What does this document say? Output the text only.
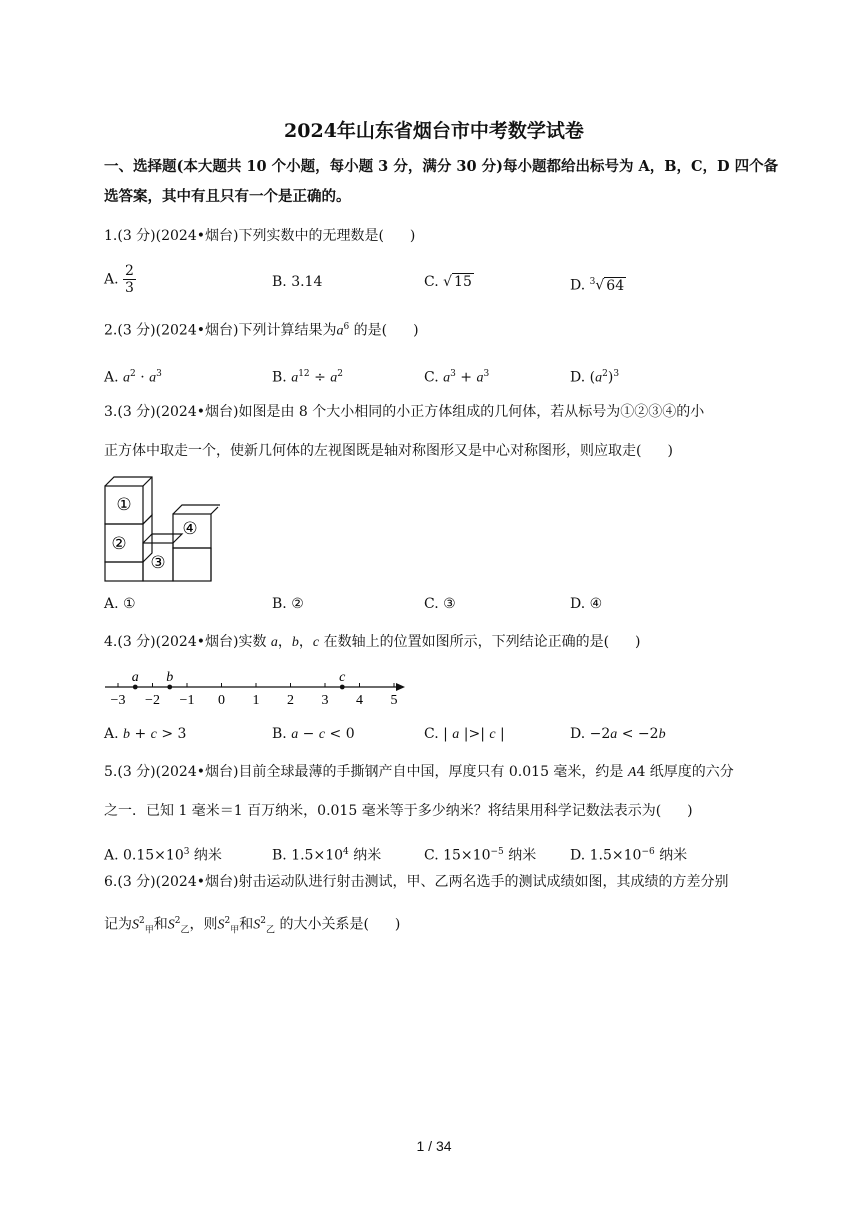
2024年山东省烟台市中考数学试卷
一、选择题(本大题共 10 个小题，每小题 3 分，满分 30 分)每小题都给出标号为 A，B，C，D 四个备
选答案，其中有且只有一个是正确的。
1.(3 分)(2024•烟台)下列实数中的无理数是( )
A. $\frac{2}{3}$	B. 3.14	C. √ 15	D. $^3$√ 64
2.(3 分)(2024•烟台)下列计算结果为$a^6$ 的是( )
A. $a^2 \cdot a^3$	B. $a^{12} \div a^2$	C. $a^3 + a^3$	D. $(a^2)^3$
3.(3 分)(2024•烟台)如图是由 8 个大小相同的小正方体组成的几何体，若从标号为①②③④的小
正方体中取走一个，使新几何体的左视图既是轴对称图形又是中心对称图形，则应取走( )
①
②
③
④
A. ①	B. ②	C. ③	D. ④
4.(3 分)(2024•烟台)实数 a，b，c 在数轴上的位置如图所示，下列结论正确的是( )
−3 −2 −1 0 1 2 3 4 5
a b	c
A. b + c > 3	B. a − c < 0	C. | a |>| c |	D. −2a < −2b
5.(3 分)(2024•烟台)目前全球最薄的手撕钢产自中国，厚度只有 0.015 毫米，约是 A4 纸厚度的六分
之一．已知 1 毫米＝1 百万纳米，0.015 毫米等于多少纳米？将结果用科学记数法表示为( )
A. $0.15\times 10^3$ 纳米	B. $1.5\times 10^4$ 纳米	C. $15\times 10^{-5}$ 纳米 D. $1.5\times 10^{-6}$ 纳米
6.(3 分)(2024•烟台)射击运动队进行射击测试，甲、乙两名选手的测试成绩如图，其成绩的方差分别
记为$S^2_甲$和$S^2_乙$，则$S^2_甲$和$S^2_乙$ 的大小关系是( )
1 / 34
